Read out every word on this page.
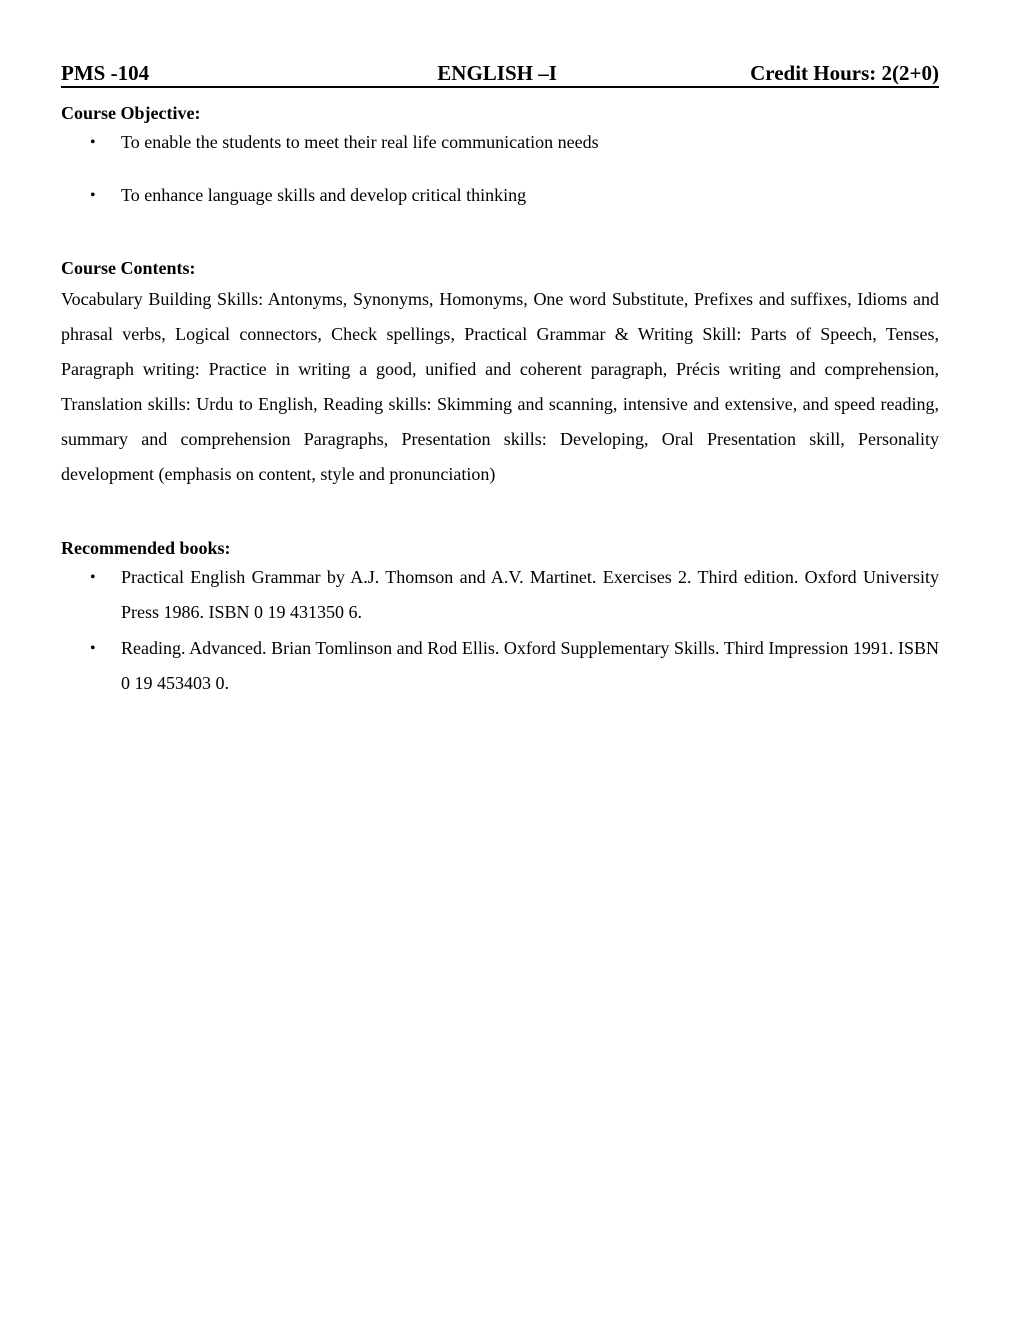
PMS -104	ENGLISH –I	Credit Hours: 2(2+0)

Course Objective:

• To enable the students to meet their real life communication needs
• To enhance language skills and develop critical thinking

Course Contents:

Vocabulary Building Skills: Antonyms, Synonyms, Homonyms, One word Substitute, Prefixes and suffixes, Idioms and phrasal verbs, Logical connectors, Check spellings, Practical Grammar & Writing Skill: Parts of Speech, Tenses, Paragraph writing: Practice in writing a good, unified and coherent paragraph, Précis writing and comprehension, Translation skills: Urdu to English, Reading skills: Skimming and scanning, intensive and extensive, and speed reading, summary and comprehension Paragraphs, Presentation skills: Developing, Oral Presentation skill, Personality development (emphasis on content, style and pronunciation)

Recommended books:

• Practical English Grammar by A.J. Thomson and A.V. Martinet. Exercises 2. Third edition. Oxford University Press 1986. ISBN 0 19 431350 6.
• Reading. Advanced. Brian Tomlinson and Rod Ellis. Oxford Supplementary Skills. Third Impression 1991. ISBN 0 19 453403 0.
